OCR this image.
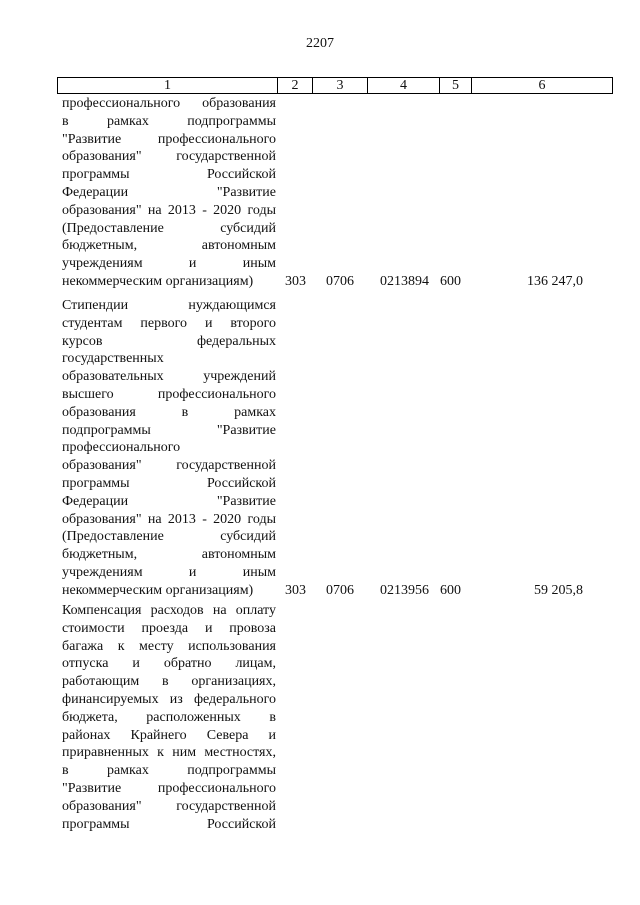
2207
1	2	3	4	5	6
профессионального образования
в рамках подпрограммы
"Развитие профессионального
образования" государственной
программы Российской
Федерации "Развитие
образования" на 2013 - 2020 годы
(Предоставление субсидий
бюджетным, автономным
учреждениям и иным
некоммерческим организациям)	303 0706 0213894 600	136 247,0
Стипендии нуждающимся
студентам первого и второго
курсов федеральных
государственных
образовательных учреждений
высшего профессионального
образования в рамках
подпрограммы "Развитие
профессионального
образования" государственной
программы Российской
Федерации "Развитие
образования" на 2013 - 2020 годы
(Предоставление субсидий
бюджетным, автономным
учреждениям и иным
некоммерческим организациям)	303 0706 0213956 600	59 205,8
Компенсация расходов на оплату
стоимости проезда и провоза
багажа к месту использования
отпуска и обратно лицам,
работающим в организациях,
финансируемых из федерального
бюджета, расположенных в
районах Крайнего Севера и
приравненных к ним местностях,
в рамках подпрограммы
"Развитие профессионального
образования" государственной
программы Российской
